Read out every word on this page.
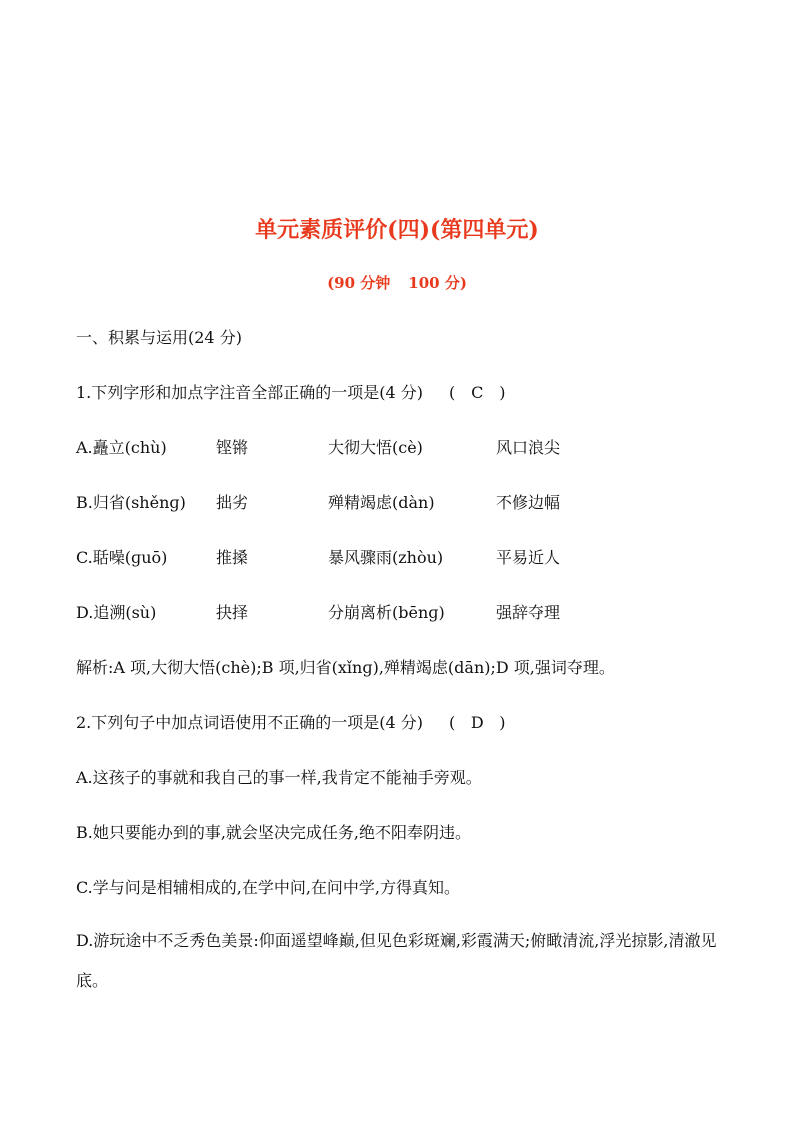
单元素质评价(四)(第四单元)
(90 分钟 100 分)
一、积累与运用(24 分)
1.下列字形和加点字注音全部正确的一项是(4 分) ( C )
A.矗立(chù)	铿锵	大彻大悟(cè)	风口浪尖
B.归省(shěnɡ) 拙劣	殚精竭虑(dàn)	不修边幅
C.聒噪(ɡuō)	推搡	暴风骤雨(zhòu)	平易近人
D.追溯(sù)	抉择	分崩离析(bēnɡ)	强辞夺理
解析:A 项,大彻大悟(chè);B 项,归省(xǐnɡ),殚精竭虑(dān);D 项,强词夺理。
2.下列句子中加点词语使用不正确的一项是(4 分) ( D )
A.这孩子的事就和我自己的事一样,我肯定不能袖手旁观。
B.她只要能办到的事,就会坚决完成任务,绝不阳奉阴违。
C.学与问是相辅相成的,在学中问,在问中学,方得真知。
D.游玩途中不乏秀色美景:仰面遥望峰巅,但见色彩斑斓,彩霞满天;俯瞰清流,浮光掠影,清澈见底。
